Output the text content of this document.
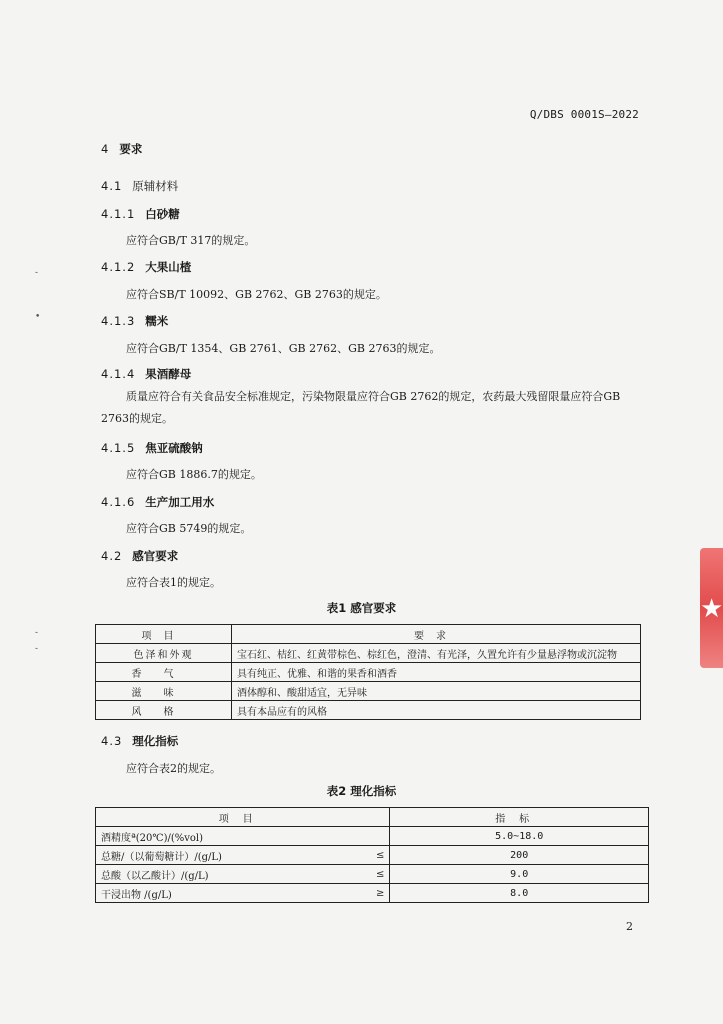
Q/DBS 0001S—2022
4 要求
4.1 原辅材料
4.1.1 白砂糖
应符合GB/T 317的规定。
4.1.2 大果山楂
应符合SB/T 10092、GB 2762、GB 2763的规定。
4.1.3 糯米
应符合GB/T 1354、GB 2761、GB 2762、GB 2763的规定。
4.1.4 果酒酵母
质量应符合有关食品安全标准规定，污染物限量应符合GB 2762的规定，农药最大残留限量应符合GB 2763的规定。
4.1.5 焦亚硫酸钠
应符合GB 1886.7的规定。
4.1.6 生产加工用水
应符合GB 5749的规定。
4.2 感官要求
应符合表1的规定。
表1 感官要求
项目	要求
色泽和外观	宝石红、桔红、红黄带棕色、棕红色，澄清、有光泽，久置允许有少量悬浮物或沉淀物
香气	具有纯正、优雅、和谐的果香和酒香
滋味	酒体醇和、酸甜适宜，无异味
风格	具有本品应有的风格
4.3 理化指标
应符合表2的规定。
表2 理化指标
项目		指标
酒精度ª(20℃)/(%vol)		5.0~18.0
总糖/（以葡萄糖计）/(g/L)	≤	200
总酸（以乙酸计）/(g/L)	≤	9.0
干浸出物 /(g/L)	≥	8.0
2
★
-
•
-
-
